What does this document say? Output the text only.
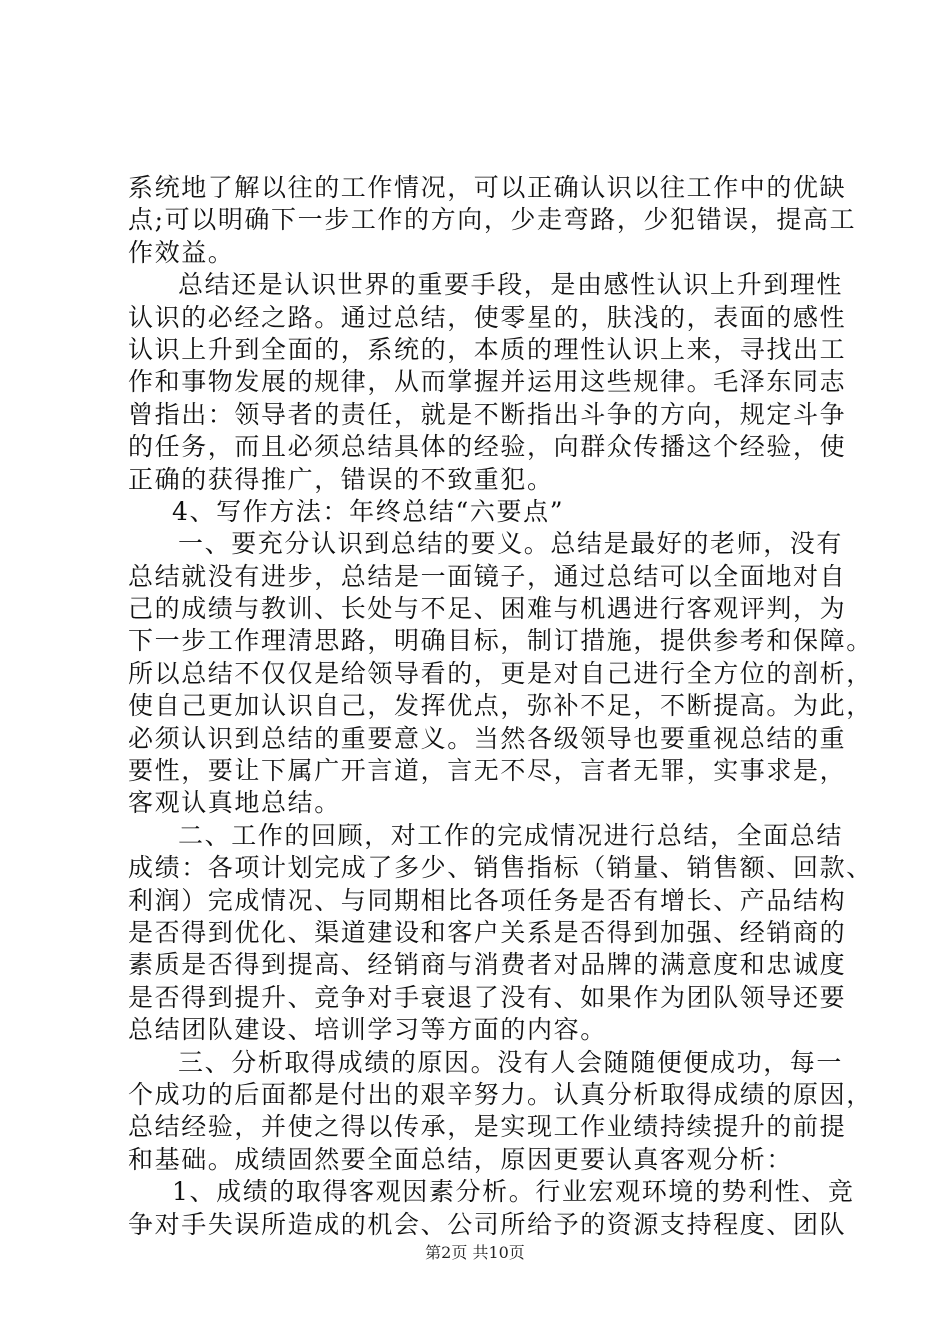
系统地了解以往的工作情况，可以正确认识以往工作中的优缺
点;可以明确下一步工作的方向，少走弯路，少犯错误，提高工
作效益。
总结还是认识世界的重要手段，是由感性认识上升到理性
认识的必经之路。通过总结，使零星的，肤浅的，表面的感性
认识上升到全面的，系统的，本质的理性认识上来，寻找出工
作和事物发展的规律，从而掌握并运用这些规律。毛泽东同志
曾指出：领导者的责任，就是不断指出斗争的方向，规定斗争
的任务，而且必须总结具体的经验，向群众传播这个经验，使
正确的获得推广，错误的不致重犯。
4、写作方法：年终总结“六要点”
一、要充分认识到总结的要义。总结是最好的老师，没有
总结就没有进步，总结是一面镜子，通过总结可以全面地对自
己的成绩与教训、长处与不足、困难与机遇进行客观评判，为
下一步工作理清思路，明确目标，制订措施，提供参考和保障。
所以总结不仅仅是给领导看的，更是对自己进行全方位的剖析，
使自己更加认识自己，发挥优点，弥补不足，不断提高。为此，
必须认识到总结的重要意义。当然各级领导也要重视总结的重
要性，要让下属广开言道，言无不尽，言者无罪，实事求是，
客观认真地总结。
二、工作的回顾，对工作的完成情况进行总结，全面总结
成绩：各项计划完成了多少、销售指标（销量、销售额、回款、
利润）完成情况、与同期相比各项任务是否有增长、产品结构
是否得到优化、渠道建设和客户关系是否得到加强、经销商的
素质是否得到提高、经销商与消费者对品牌的满意度和忠诚度
是否得到提升、竞争对手衰退了没有、如果作为团队领导还要
总结团队建设、培训学习等方面的内容。
三、分析取得成绩的原因。没有人会随随便便成功，每一
个成功的后面都是付出的艰辛努力。认真分析取得成绩的原因，
总结经验，并使之得以传承，是实现工作业绩持续提升的前提
和基础。成绩固然要全面总结，原因更要认真客观分析：
1、成绩的取得客观因素分析。行业宏观环境的势利性、竞
争对手失误所造成的机会、公司所给予的资源支持程度、团队
第2页 共10页
